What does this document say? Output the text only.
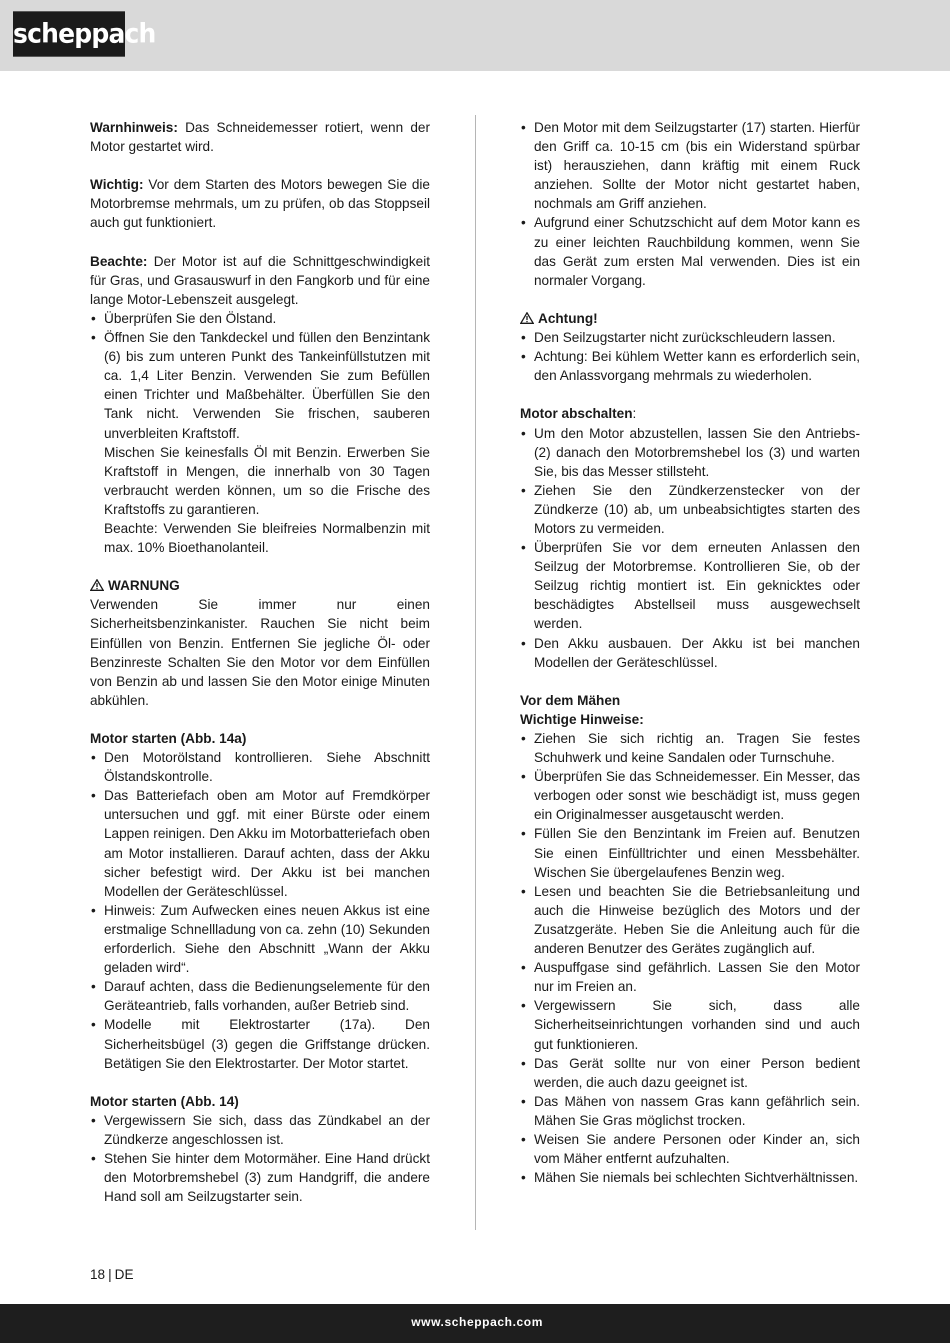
scheppach

Warnhinweis: Das Schneidemesser rotiert, wenn der Motor gestartet wird.

Wichtig: Vor dem Starten des Motors bewegen Sie die Motorbremse mehrmals, um zu prüfen, ob das Stoppseil auch gut funktioniert.

Beachte: Der Motor ist auf die Schnittgeschwindigkeit für Gras, und Grasauswurf in den Fangkorb und für eine lange Motor-Lebenszeit ausgelegt.

• Überprüfen Sie den Ölstand.
• Öffnen Sie den Tankdeckel und füllen den Benzintank (6) bis zum unteren Punkt des Tankeinfüllstutzen mit ca. 1,4 Liter Benzin. Verwenden Sie zum Befüllen einen Trichter und Maßbehälter. Überfüllen Sie den Tank nicht. Verwenden Sie frischen, sauberen unverbleiten Kraftstoff.
Mischen Sie keinesfalls Öl mit Benzin. Erwerben Sie Kraftstoff in Mengen, die innerhalb von 30 Tagen verbraucht werden können, um so die Frische des Kraftstoffs zu garantieren.
Beachte: Verwenden Sie bleifreies Normalbenzin mit max. 10% Bioethanolanteil.
WARNUNG

Verwenden Sie immer nur einen Sicherheitsbenzinkanister. Rauchen Sie nicht beim Einfüllen von Benzin. Entfernen Sie jegliche Öl- oder Benzinreste Schalten Sie den Motor vor dem Einfüllen von Benzin ab und lassen Sie den Motor einige Minuten abkühlen.

Motor starten (Abb. 14a)
• Den Motorölstand kontrollieren. Siehe Abschnitt Ölstandskontrolle.
• Das Batteriefach oben am Motor auf Fremdkörper untersuchen und ggf. mit einer Bürste oder einem Lappen reinigen. Den Akku im Motorbatteriefach oben am Motor installieren. Darauf achten, dass der Akku sicher befestigt wird. Der Akku ist bei manchen Modellen der Geräteschlüssel.
• Hinweis: Zum Aufwecken eines neuen Akkus ist eine erstmalige Schnellladung von ca. zehn (10) Sekunden erforderlich. Siehe den Abschnitt „Wann der Akku geladen wird“.
• Darauf achten, dass die Bedienungselemente für den Geräteantrieb, falls vorhanden, außer Betrieb sind.
• Modelle mit Elektrostarter (17a). Den Sicherheitsbügel (3) gegen die Griffstange drücken. Betätigen Sie den Elektrostarter. Der Motor startet.
Motor starten (Abb. 14)
• Vergewissern Sie sich, dass das Zündkabel an der Zündkerze angeschlossen ist.
• Stehen Sie hinter dem Motormäher. Eine Hand drückt den Motorbremshebel (3) zum Handgriff, die andere Hand soll am Seilzugstarter sein.
• Den Motor mit dem Seilzugstarter (17) starten. Hierfür den Griff ca. 10-15 cm (bis ein Widerstand spürbar ist) herausziehen, dann kräftig mit einem Ruck anziehen. Sollte der Motor nicht gestartet haben, nochmals am Griff anziehen.
• Aufgrund einer Schutzschicht auf dem Motor kann es zu einer leichten Rauchbildung kommen, wenn Sie das Gerät zum ersten Mal verwenden. Dies ist ein normaler Vorgang.
Achtung!
• Den Seilzugstarter nicht zurückschleudern lassen.
• Achtung: Bei kühlem Wetter kann es erforderlich sein, den Anlassvorgang mehrmals zu wiederholen.
Motor abschalten:
• Um den Motor abzustellen, lassen Sie den Antriebs- (2) danach den Motorbremshebel los (3) und warten Sie, bis das Messer stillsteht.
• Ziehen Sie den Zündkerzenstecker von der Zündkerze (10) ab, um unbeabsichtigtes starten des Motors zu vermeiden.
• Überprüfen Sie vor dem erneuten Anlassen den Seilzug der Motorbremse. Kontrollieren Sie, ob der Seilzug richtig montiert ist. Ein geknicktes oder beschädigtes Abstellseil muss ausgewechselt werden.
• Den Akku ausbauen. Der Akku ist bei manchen Modellen der Geräteschlüssel.
Vor dem Mähen
Wichtige Hinweise:
• Ziehen Sie sich richtig an. Tragen Sie festes Schuhwerk und keine Sandalen oder Turnschuhe.
• Überprüfen Sie das Schneidemesser. Ein Messer, das verbogen oder sonst wie beschädigt ist, muss gegen ein Originalmesser ausgetauscht werden.
• Füllen Sie den Benzintank im Freien auf. Benutzen Sie einen Einfülltrichter und einen Messbehälter. Wischen Sie übergelaufenes Benzin weg.
• Lesen und beachten Sie die Betriebsanleitung und auch die Hinweise bezüglich des Motors und der Zusatzgeräte. Heben Sie die Anleitung auch für die anderen Benutzer des Gerätes zugänglich auf.
• Auspuffgase sind gefährlich. Lassen Sie den Motor nur im Freien an.
• Vergewissern Sie sich, dass alle Sicherheitseinrichtungen vorhanden sind und auch gut funktionieren.
• Das Gerät sollte nur von einer Person bedient werden, die auch dazu geeignet ist.
• Das Mähen von nassem Gras kann gefährlich sein. Mähen Sie Gras möglichst trocken.
• Weisen Sie andere Personen oder Kinder an, sich vom Mäher entfernt aufzuhalten.
• Mähen Sie niemals bei schlechten Sichtverhältnissen.
18 | DE
www.scheppach.com
